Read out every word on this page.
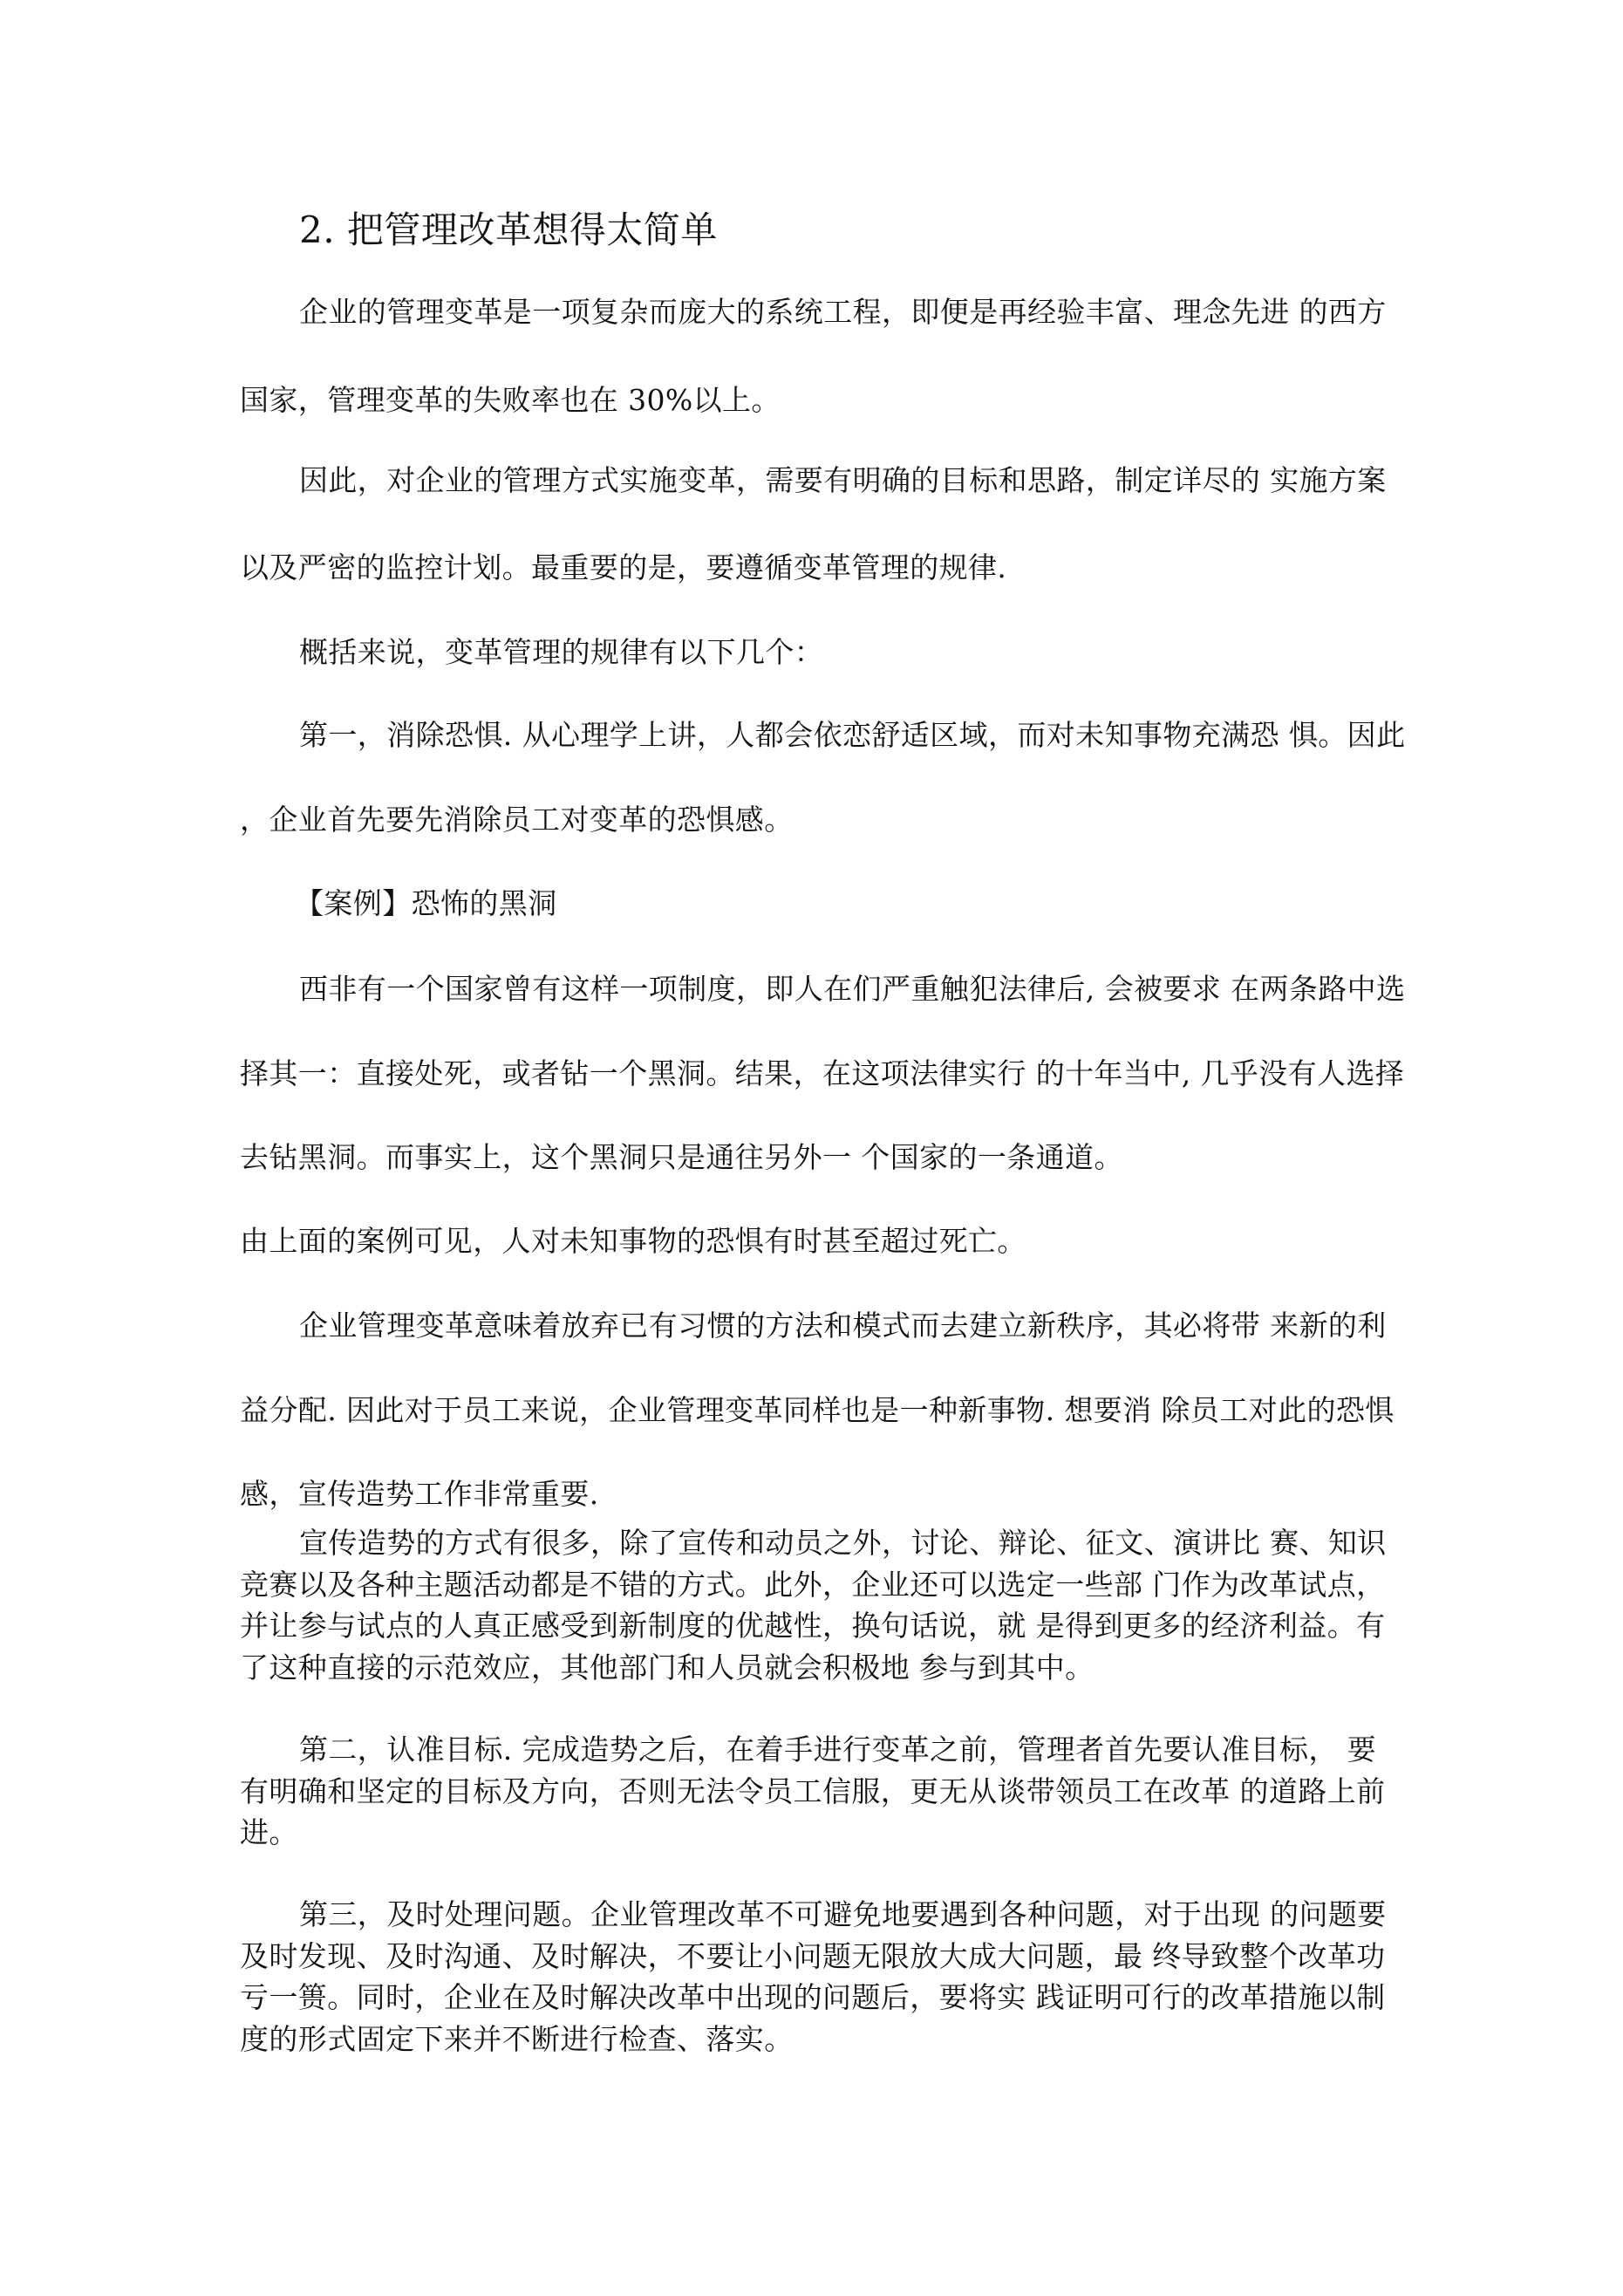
2. 把管理改革想得太简单
企业的管理变革是一项复杂而庞大的系统工程，即便是再经验丰富、理念先进 的西方
国家，管理变革的失败率也在 30%以上。
因此，对企业的管理方式实施变革，需要有明确的目标和思路，制定详尽的 实施方案
以及严密的监控计划。最重要的是，要遵循变革管理的规律.
概括来说，变革管理的规律有以下几个：
第一，消除恐惧. 从心理学上讲，人都会依恋舒适区域，而对未知事物充满恐 惧。因此
，企业首先要先消除员工对变革的恐惧感。
【案例】恐怖的黑洞
西非有一个国家曾有这样一项制度，即人在们严重触犯法律后, 会被要求 在两条路中选
择其一：直接处死，或者钻一个黑洞。结果，在这项法律实行 的十年当中, 几乎没有人选择
去钻黑洞。而事实上，这个黑洞只是通往另外一 个国家的一条通道。
由上面的案例可见，人对未知事物的恐惧有时甚至超过死亡。
企业管理变革意味着放弃已有习惯的方法和模式而去建立新秩序，其必将带 来新的利
益分配. 因此对于员工来说，企业管理变革同样也是一种新事物. 想要消 除员工对此的恐惧
感，宣传造势工作非常重要.
宣传造势的方式有很多，除了宣传和动员之外，讨论、辩论、征文、演讲比 赛、知识
竞赛以及各种主题活动都是不错的方式。此外，企业还可以选定一些部 门作为改革试点，
并让参与试点的人真正感受到新制度的优越性，换句话说，就 是得到更多的经济利益。有
了这种直接的示范效应，其他部门和人员就会积极地 参与到其中。
第二，认准目标. 完成造势之后，在着手进行变革之前，管理者首先要认准目标， 要
有明确和坚定的目标及方向，否则无法令员工信服，更无从谈带领员工在改革 的道路上前
进。
第三，及时处理问题。企业管理改革不可避免地要遇到各种问题，对于出现 的问题要
及时发现、及时沟通、及时解决，不要让小问题无限放大成大问题，最 终导致整个改革功
亏一篑。同时，企业在及时解决改革中出现的问题后，要将实 践证明可行的改革措施以制
度的形式固定下来并不断进行检查、落实。
